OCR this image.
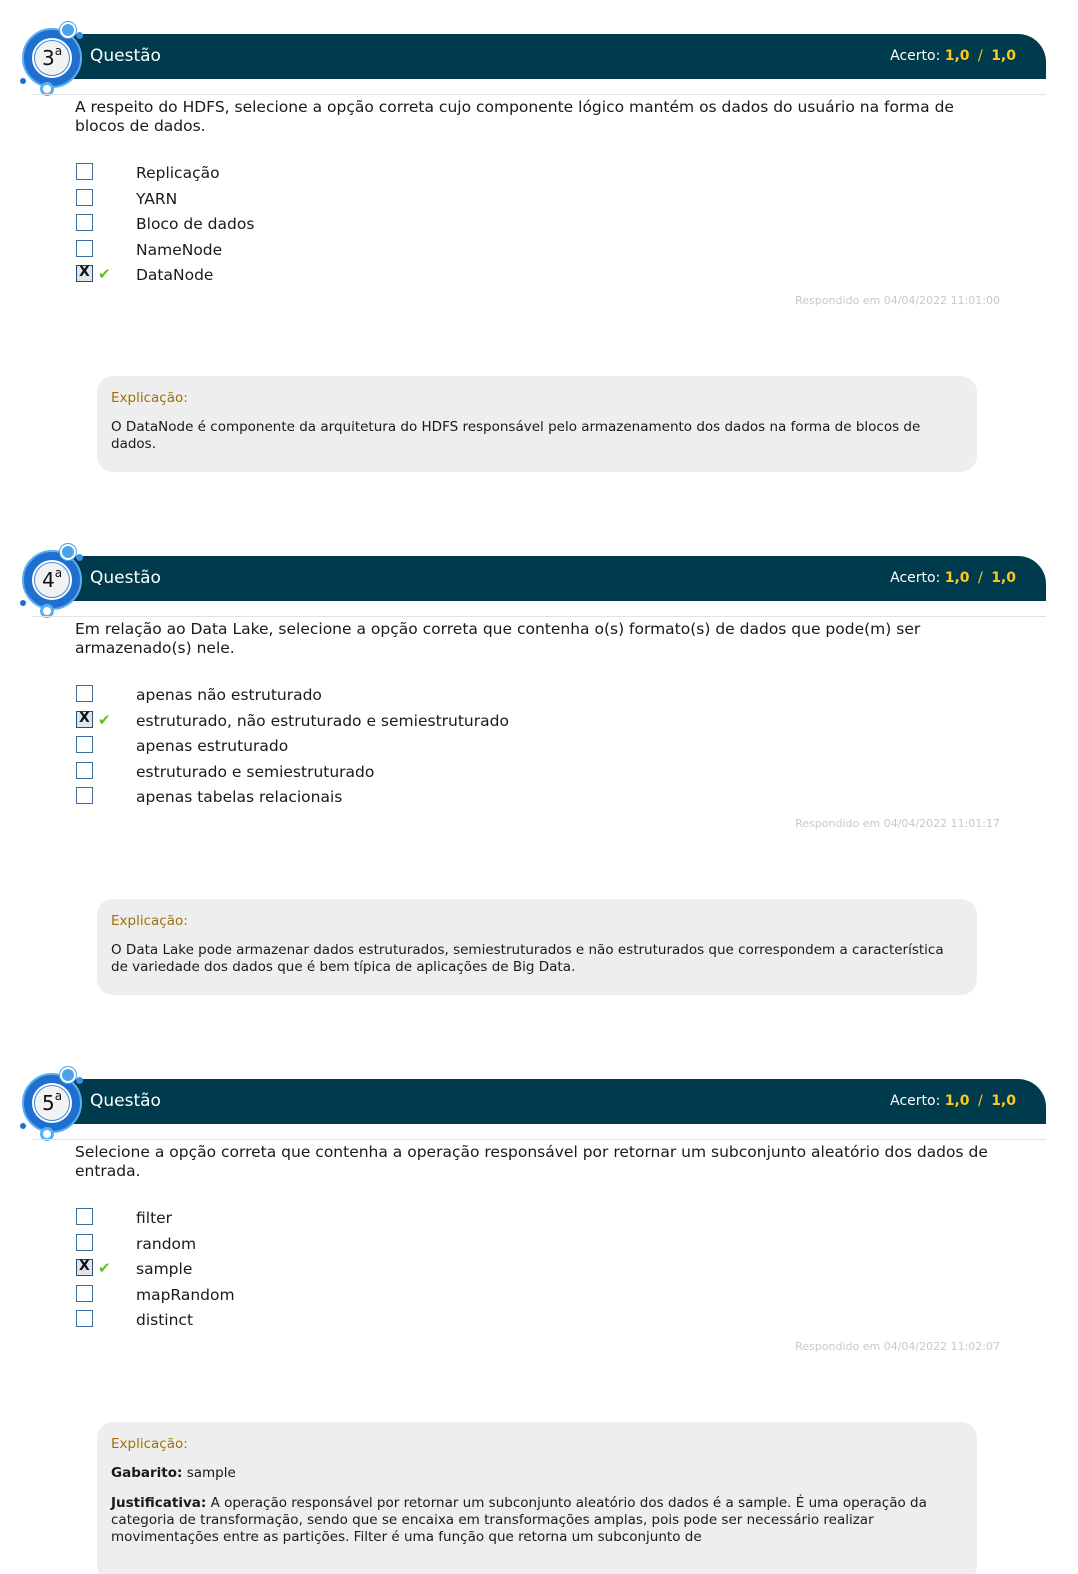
Questão	Acerto: 1,0 / 1,0
3$^a$
A respeito do HDFS, selecione a opção correta cujo componente lógico mantém os dados do usuário na forma de blocos de dados.
Replicação
YARN
Bloco de dados
NameNode
X
✔ DataNode
Respondido em 04/04/2022 11:01:00
Explicação:
O DataNode é componente da arquitetura do HDFS responsável pelo armazenamento dos dados na forma de blocos de dados.
Questão	Acerto: 1,0 / 1,0
4$^a$
Em relação ao Data Lake, selecione a opção correta que contenha o(s) formato(s) de dados que pode(m) ser armazenado(s) nele.
apenas não estruturado
X
✔ estruturado, não estruturado e semiestruturado
apenas estruturado
estruturado e semiestruturado
apenas tabelas relacionais
Respondido em 04/04/2022 11:01:17
Explicação:
O Data Lake pode armazenar dados estruturados, semiestruturados e não estruturados que correspondem a característica de variedade dos dados que é bem típica de aplicações de Big Data.
Questão	Acerto: 1,0 / 1,0
5$^a$
Selecione a opção correta que contenha a operação responsável por retornar um subconjunto aleatório dos dados de entrada.
filter
random
X
✔ sample
mapRandom
distinct
Respondido em 04/04/2022 11:02:07
Explicação:
Gabarito: sample
Justificativa: A operação responsável por retornar um subconjunto aleatório dos dados é a sample. É uma operação da categoria de transformação, sendo que se encaixa em transformações amplas, pois pode ser necessário realizar movimentações entre as partições. Filter é uma função que retorna um subconjunto de
